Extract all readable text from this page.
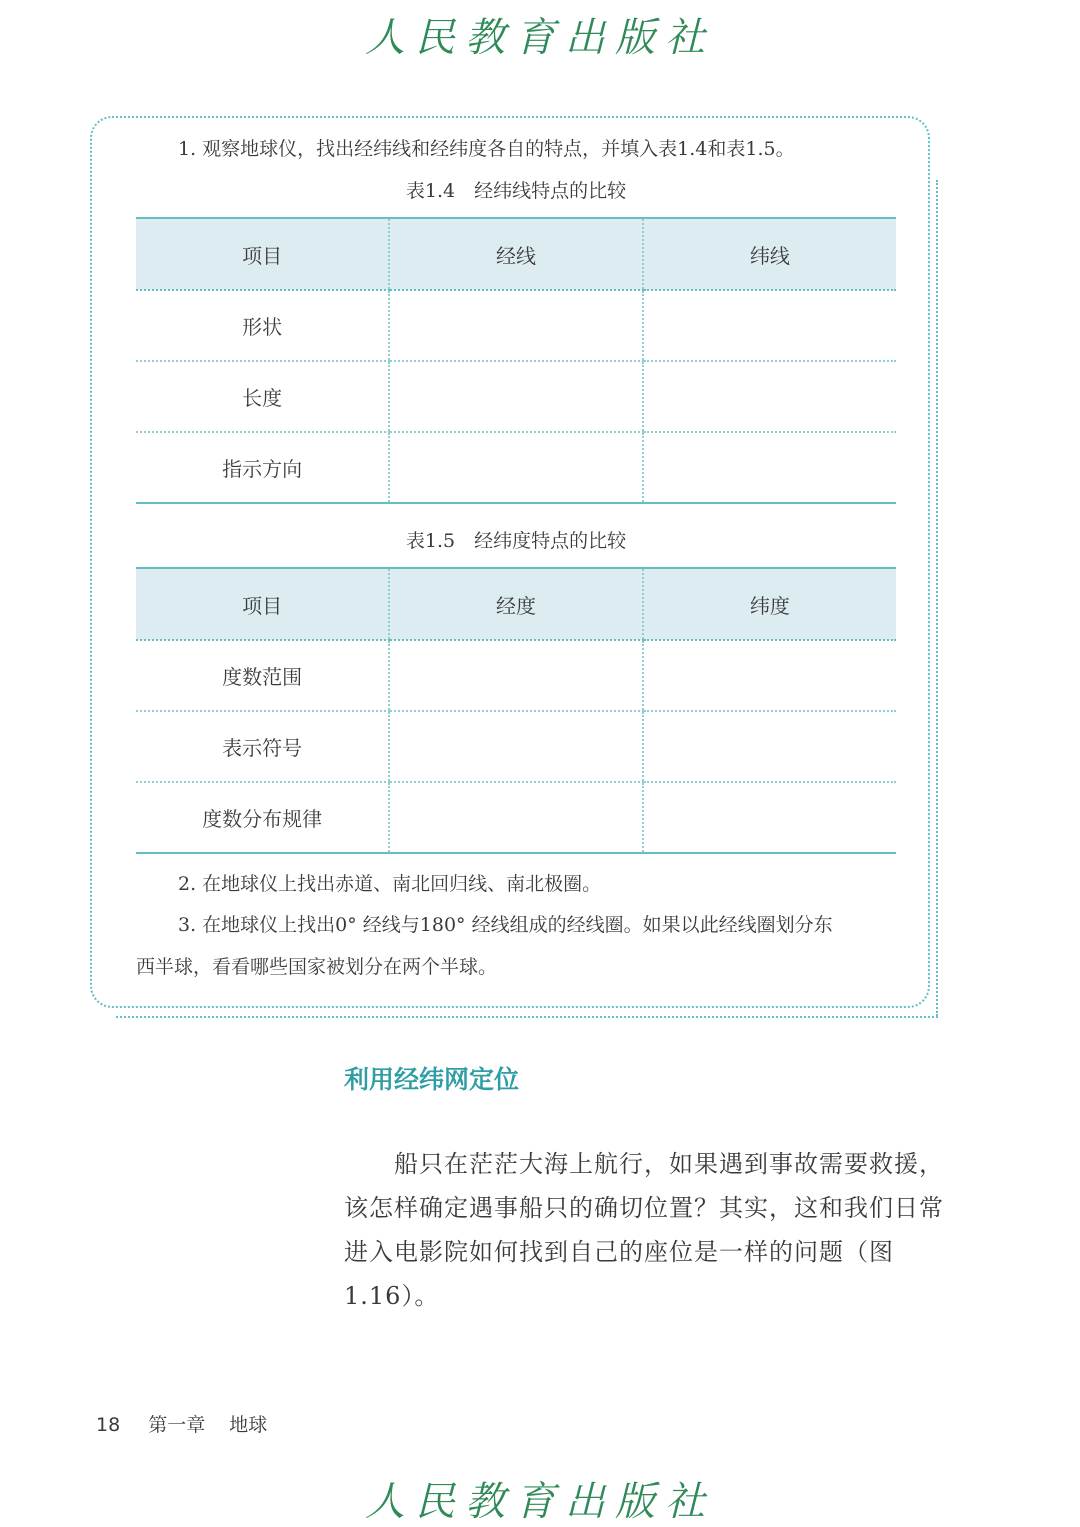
人民教育出版社
1. 观察地球仪，找出经纬线和经纬度各自的特点，并填入表1.4和表1.5。
表1.4　经纬线特点的比较
项目	经线	纬线
形状		
长度		
指示方向		
表1.5　经纬度特点的比较
项目	经度	纬度
度数范围		
表示符号		
度数分布规律		
2. 在地球仪上找出赤道、南北回归线、南北极圈。
3. 在地球仪上找出0° 经线与180° 经线组成的经线圈。如果以此经线圈划分东
西半球，看看哪些国家被划分在两个半球。
利用经纬网定位
船只在茫茫大海上航行，如果遇到事故需要救援，该怎样确定遇事船只的确切位置？其实，这和我们日常进入电影院如何找到自己的座位是一样的问题（图1.16）。
18 第一章 地球
人民教育出版社
